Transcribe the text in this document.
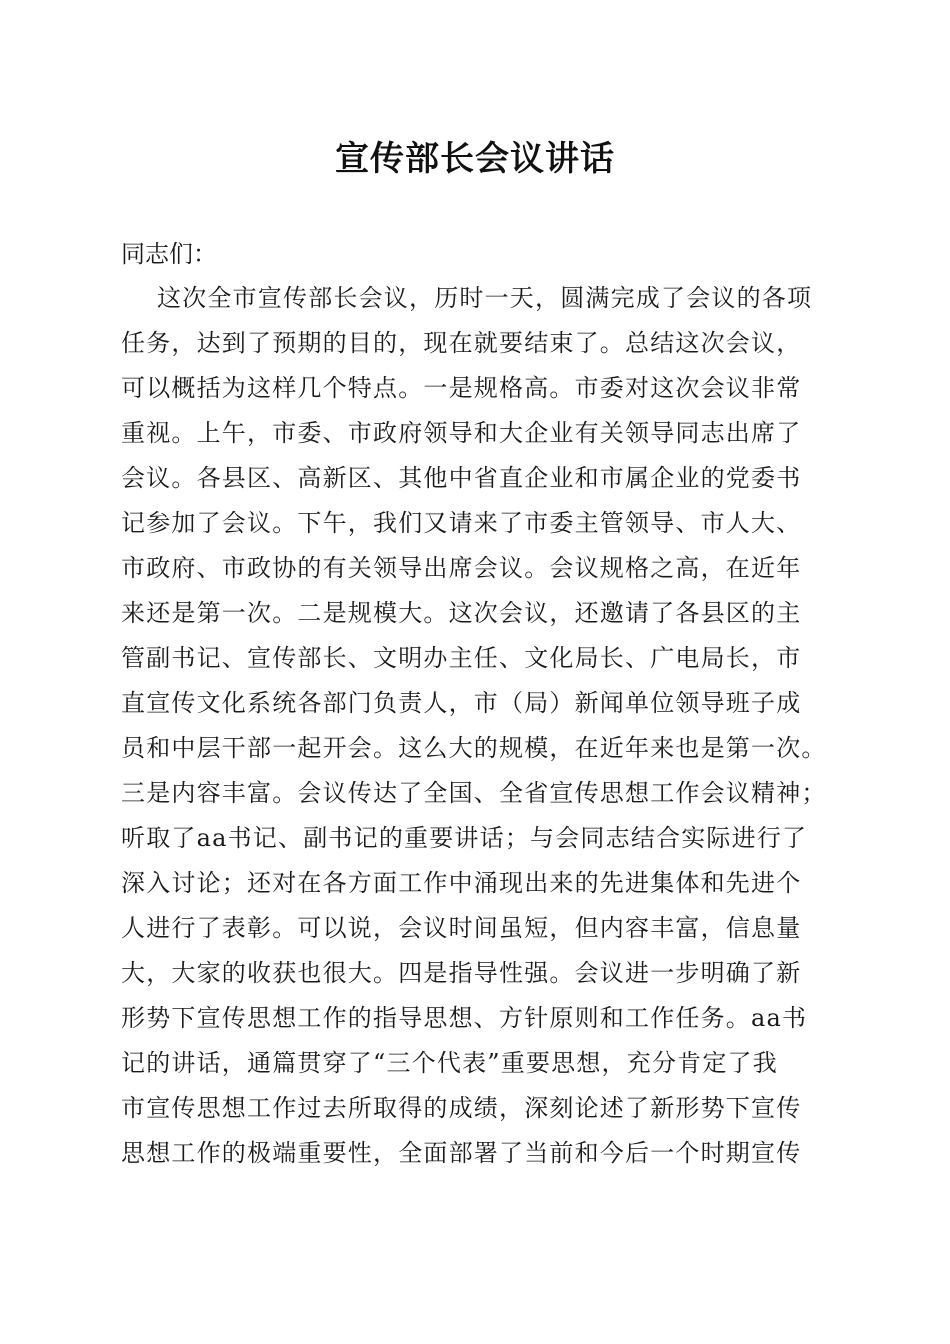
宣传部长会议讲话
同志们：
这次全市宣传部长会议，历时一天，圆满完成了会议的各项
任务，达到了预期的目的，现在就要结束了。总结这次会议，
可以概括为这样几个特点。一是规格高。市委对这次会议非常
重视。上午，市委、市政府领导和大企业有关领导同志出席了
会议。各县区、高新区、其他中省直企业和市属企业的党委书
记参加了会议。下午，我们又请来了市委主管领导、市人大、
市政府、市政协的有关领导出席会议。会议规格之高，在近年
来还是第一次。二是规模大。这次会议，还邀请了各县区的主
管副书记、宣传部长、文明办主任、文化局长、广电局长，市
直宣传文化系统各部门负责人，市（局）新闻单位领导班子成
员和中层干部一起开会。这么大的规模，在近年来也是第一次。
三是内容丰富。会议传达了全国、全省宣传思想工作会议精神；
听取了aa书记、副书记的重要讲话；与会同志结合实际进行了
深入讨论；还对在各方面工作中涌现出来的先进集体和先进个
人进行了表彰。可以说，会议时间虽短，但内容丰富，信息量
大，大家的收获也很大。四是指导性强。会议进一步明确了新
形势下宣传思想工作的指导思想、方针原则和工作任务。aa书
记的讲话，通篇贯穿了“三个代表”重要思想，充分肯定了我
市宣传思想工作过去所取得的成绩，深刻论述了新形势下宣传
思想工作的极端重要性，全面部署了当前和今后一个时期宣传
